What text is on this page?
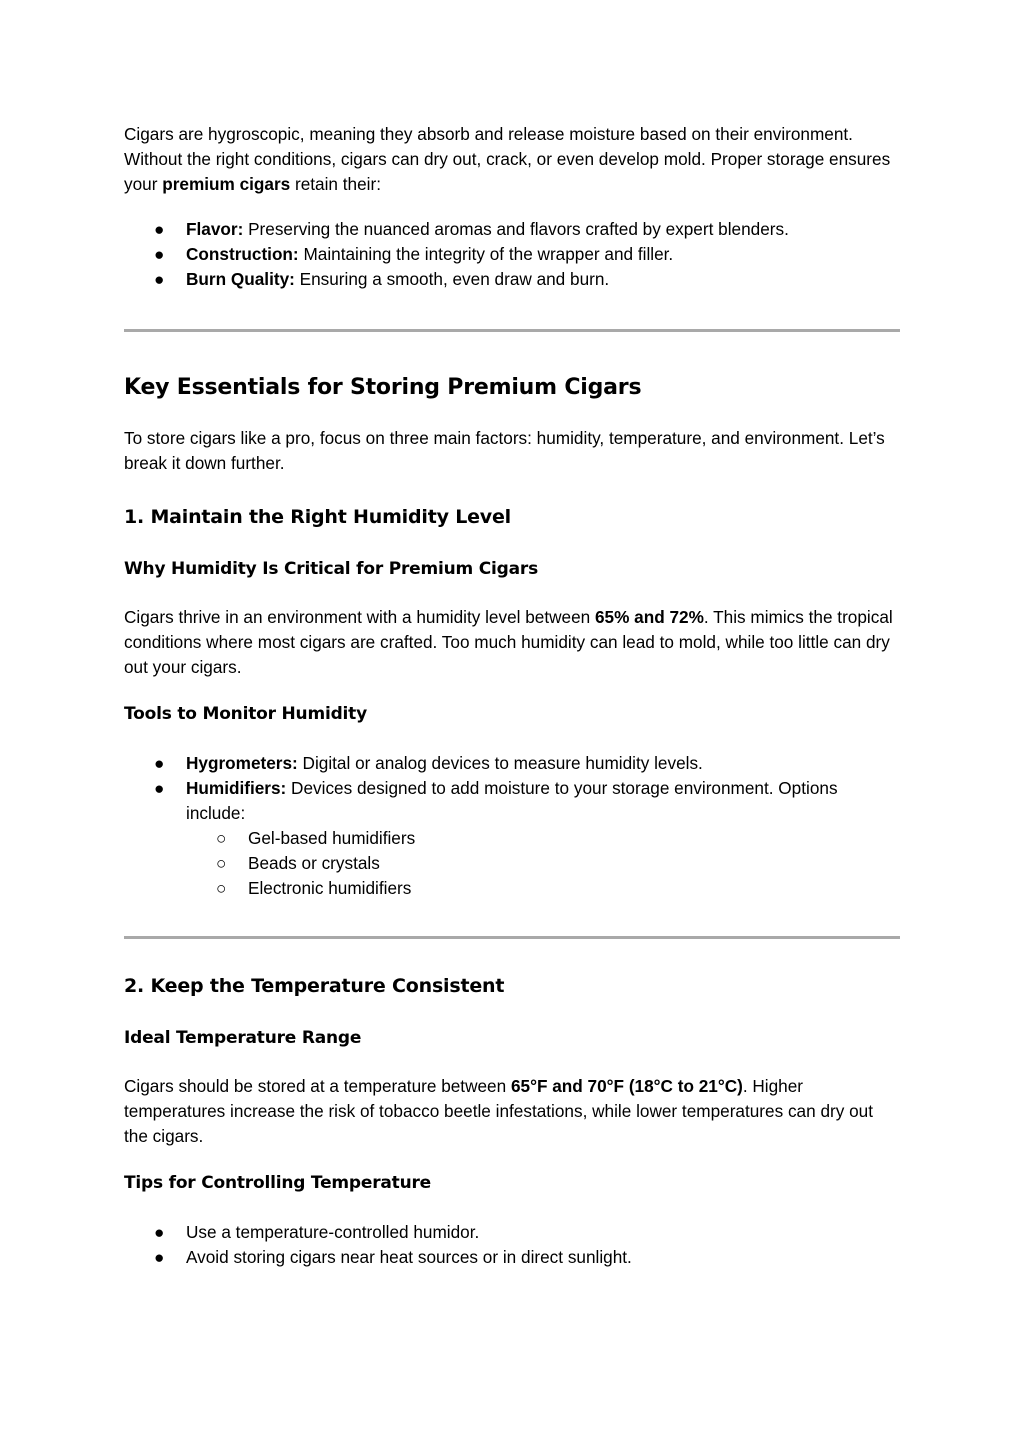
Cigars are hygroscopic, meaning they absorb and release moisture based on their environment. Without the right conditions, cigars can dry out, crack, or even develop mold. Proper storage ensures your premium cigars retain their:

●	Flavor: Preserving the nuanced aromas and flavors crafted by expert blenders.
●	Construction: Maintaining the integrity of the wrapper and filler.
●	Burn Quality: Ensuring a smooth, even draw and burn.
Key Essentials for Storing Premium Cigars

To store cigars like a pro, focus on three main factors: humidity, temperature, and environment. Let’s break it down further.

1. Maintain the Right Humidity Level
Why Humidity Is Critical for Premium Cigars

Cigars thrive in an environment with a humidity level between 65% and 72%. This mimics the tropical conditions where most cigars are crafted. Too much humidity can lead to mold, while too little can dry out your cigars.

Tools to Monitor Humidity
●	Hygrometers: Digital or analog devices to measure humidity levels.
●	Humidifiers: Devices designed to add moisture to your storage environment. Options include:
○	Gel-based humidifiers
○	Beads or crystals
○	Electronic humidifiers
2. Keep the Temperature Consistent
Ideal Temperature Range

Cigars should be stored at a temperature between 65°F and 70°F (18°C to 21°C). Higher temperatures increase the risk of tobacco beetle infestations, while lower temperatures can dry out the cigars.

Tips for Controlling Temperature
●	Use a temperature-controlled humidor.
●	Avoid storing cigars near heat sources or in direct sunlight.
